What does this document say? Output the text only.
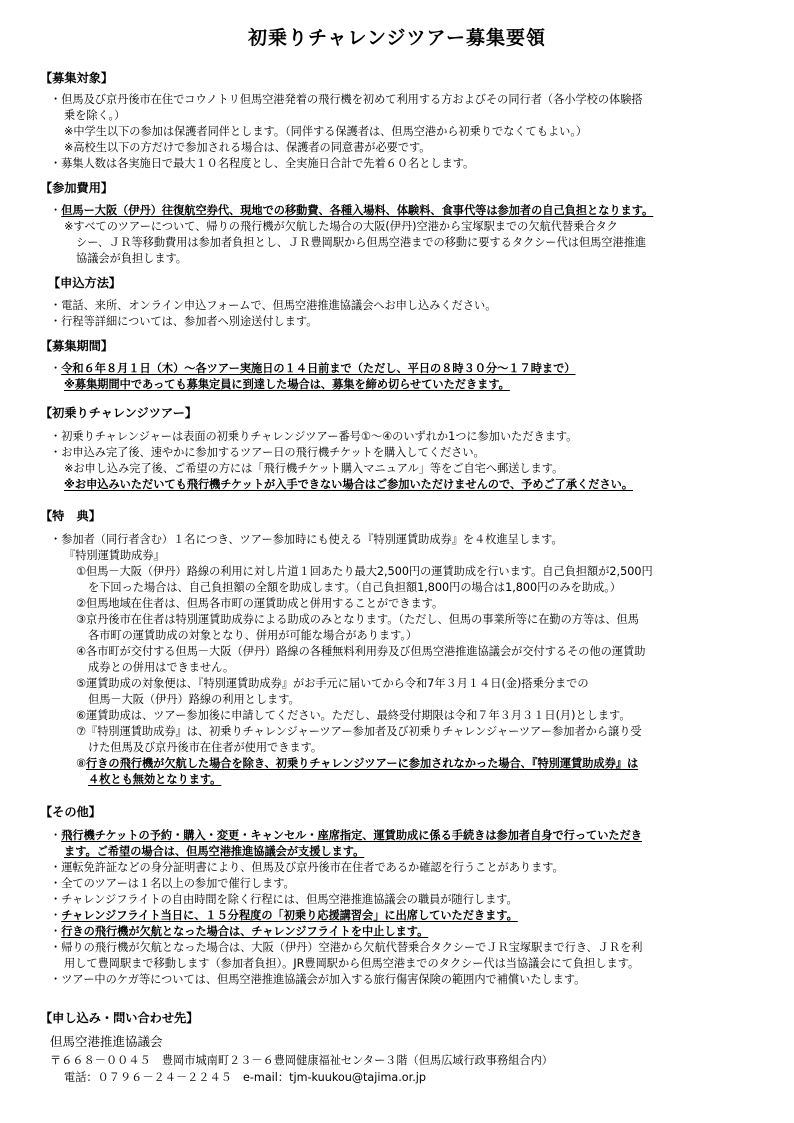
初乗りチャレンジツアー募集要領
【募集対象】
・但馬及び京丹後市在住でコウノトリ但馬空港発着の飛行機を初めて利用する方およびその同行者（各小学校の体験搭
乗を除く。）
※中学生以下の参加は保護者同伴とします。（同伴する保護者は、但馬空港から初乗りでなくてもよい。）
※高校生以下の方だけで参加される場合は、保護者の同意書が必要です。
・募集人数は各実施日で最大１０名程度とし、全実施日合計で先着６０名とします。
【参加費用】
・但馬ー大阪（伊丹）往復航空券代、現地での移動費、各種入場料、体験料、食事代等は参加者の自己負担となります。
※すべてのツアーについて、帰りの飛行機が欠航した場合の大阪(伊丹)空港から宝塚駅までの欠航代替乗合タク
シー、ＪＲ等移動費用は参加者負担とし、ＪＲ豊岡駅から但馬空港までの移動に要するタクシー代は但馬空港推進
協議会が負担します。
【申込方法】
・電話、来所、オンライン申込フォームで、但馬空港推進協議会へお申し込みください。
・行程等詳細については、参加者へ別途送付します。
【募集期間】
・令和６年８月１日（木）～各ツアー実施日の１４日前まで（ただし、平日の８時３０分～１７時まで）
※募集期間中であっても募集定員に到達した場合は、募集を締め切らせていただきます。
【初乗りチャレンジツアー】
・初乗りチャレンジャーは表面の初乗りチャレンジツアー番号①～④のいずれか1つに参加いただきます。
・お申込み完了後、速やかに参加するツアー日の飛行機チケットを購入してください。
※お申し込み完了後、ご希望の方には「飛行機チケット購入マニュアル」等をご自宅へ郵送します。
※お申込みいただいても飛行機チケットが入手できない場合はご参加いただけませんので、予めご了承ください。
【特　典】
・参加者（同行者含む）１名につき、ツアー参加時にも使える『特別運賃助成券』を４枚進呈します。
『特別運賃助成券』
①但馬－大阪（伊丹）路線の利用に対し片道１回あたり最大2,500円の運賃助成を行います。自己負担額が2,500円
を下回った場合は、自己負担額の全額を助成します。（自己負担額1,800円の場合は1,800円のみを助成。）
②但馬地域在住者は、但馬各市町の運賃助成と併用することができます。
③京丹後市在住者は特別運賃助成券による助成のみとなります。（ただし、但馬の事業所等に在勤の方等は、但馬
各市町の運賃助成の対象となり、併用が可能な場合があります。）
④各市町が交付する但馬－大阪（伊丹）路線の各種無料利用券及び但馬空港推進協議会が交付するその他の運賃助
成券との併用はできません。
⑤運賃助成の対象便は、『特別運賃助成券』がお手元に届いてから令和7年３月１４日(金)搭乗分までの
但馬－大阪（伊丹）路線の利用とします。
⑥運賃助成は、ツアー参加後に申請してください。ただし、最終受付期限は令和７年３月３１日(月)とします。
⑦『特別運賃助成券』は、初乗りチャレンジャーツアー参加者及び初乗りチャレンジャーツアー参加者から譲り受
けた但馬及び京丹後市在住者が使用できます。
⑧行きの飛行機が欠航した場合を除き、初乗りチャレンジツアーに参加されなかった場合、『特別運賃助成券』は
４枚とも無効となります。
【その他】
・飛行機チケットの予約・購入・変更・キャンセル・座席指定、運賃助成に係る手続きは参加者自身で行っていただき
ます。ご希望の場合は、但馬空港推進協議会が支援します。
・運転免許証などの身分証明書により、但馬及び京丹後市在住者であるか確認を行うことがあります。
・全てのツアーは１名以上の参加で催行します。
・チャレンジフライトの自由時間を除く行程には、但馬空港推進協議会の職員が随行します。
・チャレンジフライト当日に、１５分程度の「初乗り応援講習会」に出席していただきます。
・行きの飛行機が欠航となった場合は、チャレンジフライトを中止します。
・帰りの飛行機が欠航となった場合は、大阪（伊丹）空港から欠航代替乗合タクシーでＪＲ宝塚駅まで行き、ＪＲを利
用して豊岡駅まで移動します（参加者負担）。JR豊岡駅から但馬空港までのタクシー代は当協議会にて負担します。
・ツアー中のケガ等については、但馬空港推進協議会が加入する旅行傷害保険の範囲内で補償いたします。
【申し込み・問い合わせ先】
但馬空港推進協議会
〒６６８－００４５　豊岡市城南町２３－６豊岡健康福祉センター３階（但馬広域行政事務組合内）
電話：０７９６－２４－２２４５　e-mail：tjm-kuukou@tajima.or.jp
